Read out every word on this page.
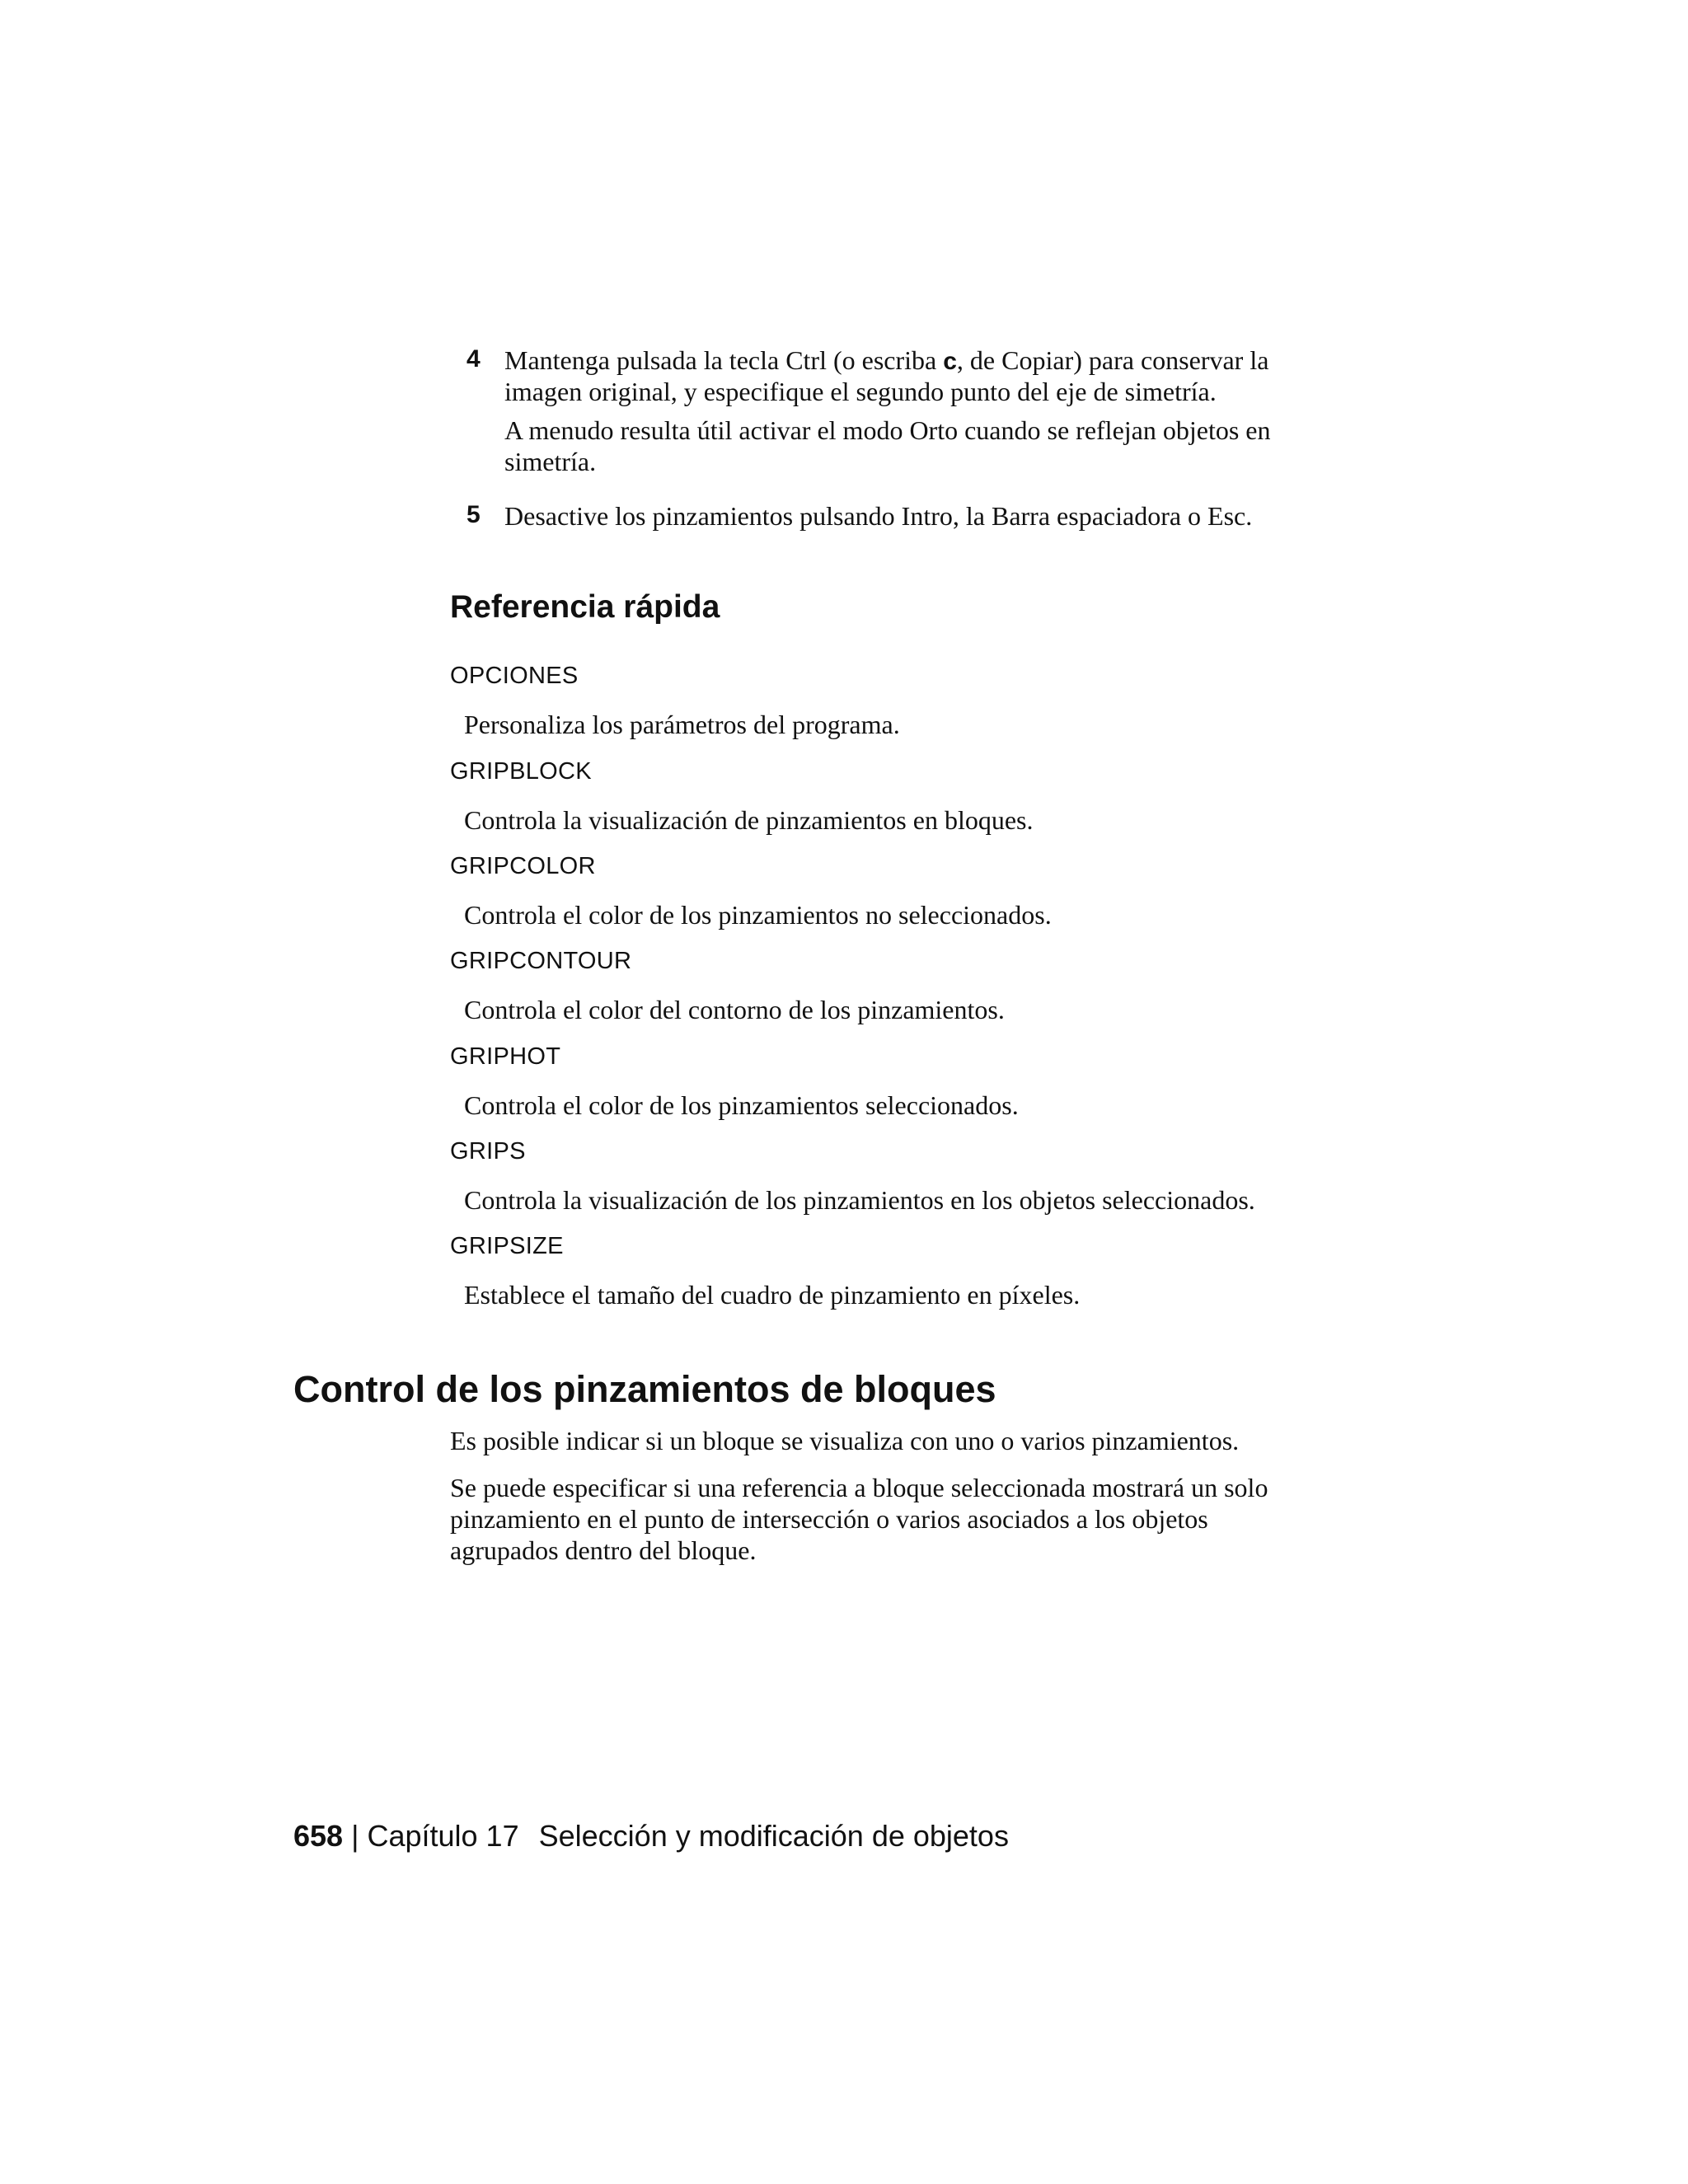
4 Mantenga pulsada la tecla Ctrl (o escriba c, de Copiar) para conservar la
imagen original, y especifique el segundo punto del eje de simetría.
A menudo resulta útil activar el modo Orto cuando se reflejan objetos en
simetría.
5 Desactive los pinzamientos pulsando Intro, la Barra espaciadora o Esc.
Referencia rápida
OPCIONES
Personaliza los parámetros del programa.
GRIPBLOCK
Controla la visualización de pinzamientos en bloques.
GRIPCOLOR
Controla el color de los pinzamientos no seleccionados.
GRIPCONTOUR
Controla el color del contorno de los pinzamientos.
GRIPHOT
Controla el color de los pinzamientos seleccionados.
GRIPS
Controla la visualización de los pinzamientos en los objetos seleccionados.
GRIPSIZE
Establece el tamaño del cuadro de pinzamiento en píxeles.
Control de los pinzamientos de bloques
Es posible indicar si un bloque se visualiza con uno o varios pinzamientos.
Se puede especificar si una referencia a bloque seleccionada mostrará un solo
pinzamiento en el punto de intersección o varios asociados a los objetos
agrupados dentro del bloque.
658 | Capítulo 17 Selección y modificación de objetos
